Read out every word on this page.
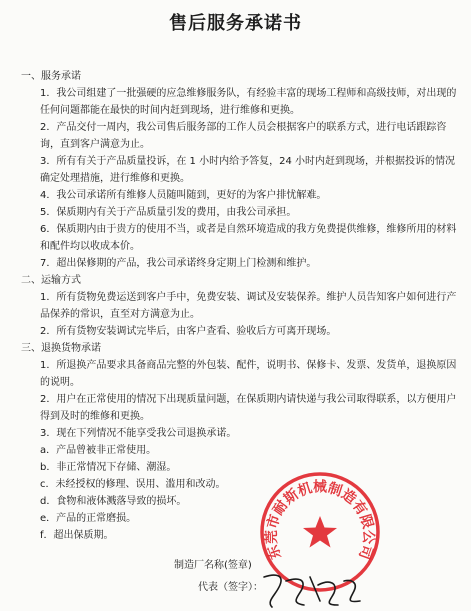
售后服务承诺书

一、服务承诺

1．我公司组建了一批强硬的应急维修服务队，有经验丰富的现场工程师和高级技师，对出现的任何问题都能在最快的时间内赶到现场，进行维修和更换。

2．产品交付一周内，我公司售后服务部的工作人员会根据客户的联系方式，进行电话跟踪咨询，直到客户满意为止。

3．所有有关于产品质量投诉，在 1 小时内给予答复，24 小时内赶到现场，并根据投诉的情况确定处理措施，进行维修和更换。

4．我公司承诺所有维修人员随叫随到，更好的为客户排忧解难。

5．保质期内有关于产品质量引发的费用，由我公司承担。

6．保质期内由于贵方的使用不当，或者是自然环境造成的我方免费提供维修，维修所用的材料和配件均以收成本价。

7．超出保修期的产品，我公司承诺终身定期上门检测和维护。

二、运输方式

1．所有货物免费运送到客户手中，免费安装、调试及安装保养。维护人员告知客户如何进行产品保养的常识，直至对方满意为止。

2．所有货物安装调试完毕后，由客户查看、验收后方可离开现场。

三、退换货物承诺

1．所退换产品要求具备商品完整的外包装、配件，说明书、保修卡、发票、发货单，退换原因的说明。

2．用户在正常使用的情况下出现质量问题，在保质期内请快递与我公司取得联系，以方便用户得到及时的维修和更换。

3．现在下列情况不能享受我公司退换承诺。

a．产品曾被非正常使用。

b．非正常情况下存储、潮湿。

c．未经授权的修理、误用、滥用和改动。

d．食物和液体溅落导致的损坏。

e．产品的正常磨损。

f．超出保质期。

制造厂名称(签章)
代表（签字）：
东莞市耐斯机械制造有限公司
